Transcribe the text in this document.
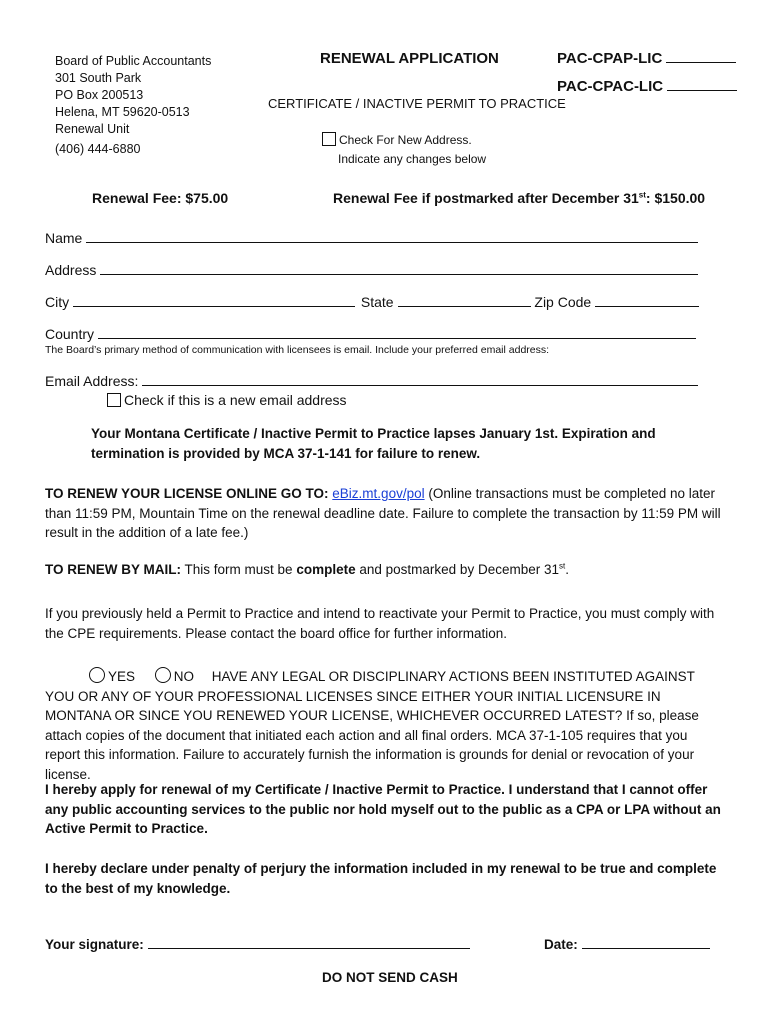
Board of Public Accountants
301 South Park
PO Box 200513
Helena, MT 59620-0513
Renewal Unit
(406) 444-6880
RENEWAL APPLICATION
CERTIFICATE / INACTIVE PERMIT TO PRACTICE
PAC-CPAP-LIC
PAC-CPAC-LIC
Check For New Address.
Indicate any changes below
Renewal Fee: $75.00	Renewal Fee if postmarked after December 31st: $150.00
Name
Address
City	State	Zip Code
Country
The Board’s primary method of communication with licensees is email. Include your preferred email address:
Email Address:
Check if this is a new email address
Your Montana Certificate / Inactive Permit to Practice lapses January 1st. Expiration and
termination is provided by MCA 37-1-141 for failure to renew.
TO RENEW YOUR LICENSE ONLINE GO TO: eBiz.mt.gov/pol (Online transactions must be completed no later than 11:59 PM, Mountain Time on the renewal deadline date. Failure to complete the transaction by 11:59 PM will result in the addition of a late fee.)
TO RENEW BY MAIL: This form must be complete and postmarked by December 31st.
If you previously held a Permit to Practice and intend to reactivate your Permit to Practice, you must comply with the CPE requirements. Please contact the board office for further information.
YES	NO HAVE ANY LEGAL OR DISCIPLINARY ACTIONS BEEN INSTITUTED AGAINST YOU OR ANY OF YOUR PROFESSIONAL LICENSES SINCE EITHER YOUR INITIAL LICENSURE IN MONTANA OR SINCE YOU RENEWED YOUR LICENSE, WHICHEVER OCCURRED LATEST? If so, please attach copies of the document that initiated each action and all final orders. MCA 37-1-105 requires that you report this information. Failure to accurately furnish the information is grounds for denial or revocation of your license.
I hereby apply for renewal of my Certificate / Inactive Permit to Practice. I understand that I cannot offer any public accounting services to the public nor hold myself out to the public as a CPA or LPA without an Active Permit to Practice.
I hereby declare under penalty of perjury the information included in my renewal to be true and complete to the best of my knowledge.
Your signature:	Date:
DO NOT SEND CASH
